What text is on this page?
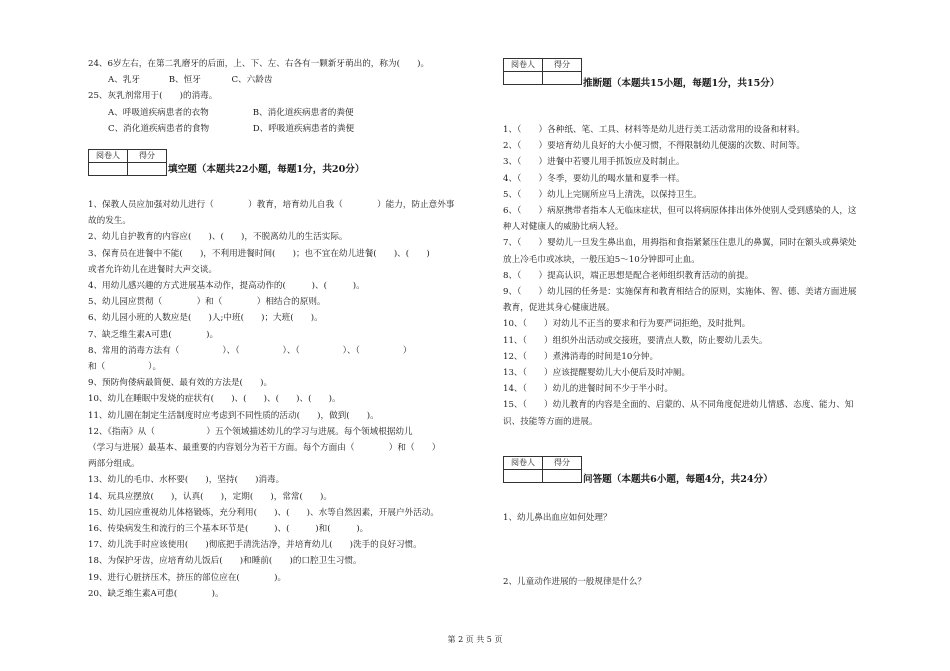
24、6岁左右，在第二乳磨牙的后面，上、下、左、右各有一颗新牙萌出的，称为(　　)。
A、乳牙	B、恒牙	C、六龄齿
25、灰乳剂常用于(　　)的消毒。
A、呼吸道疾病患者的衣物	B、消化道疾病患者的粪便
C、消化道疾病患者的食物	D、呼吸道疾病患者的粪便
阅卷人	得分

填空题（本题共22小题，每题1分，共20分）
1、保教人员应加强对幼儿进行（　　　　）教育，培育幼儿自我（　　　　）能力，防止意外事
故的发生。
2、幼儿自护教育的内容应(　　)、(　　)，不脱离幼儿的生活实际。
3、保育员在进餐中不能(　　)，不利用进餐时间(　　)；也不宜在幼儿进餐(　　)、(　　)
或者允许幼儿在进餐时大声交谈。
4、用幼儿感兴趣的方式进展基本动作，提高动作的(　　　)、(　　　)。
5、幼儿园应贯彻（　　　　）和（　　　　）相结合的原则。
6、幼儿园小班的人数应是(　　)人;中班(　　)；大班(　　)。
7、缺乏维生素A可患(　　　　)。
8、常用的消毒方法有（　　　　　）、（　　　　　）、（　　　　　）、（　　　　　）
和（　　　　　）。
9、预防佝偻病最简便、最有效的方法是(　　)。
10、幼儿在睡眠中发烧的症状有(　　)、(　　)、(　　)、(　　)。
11、幼儿園在制定生活制度时应考虑到不同性质的活动(　　)，做到(　　)。
12、《指南》从（　　　　　　）五个领域描述幼儿的学习与进展。每个领域根据幼儿
（学习与进展）最基本、最重要的内容划分为若干方面。每个方面由（　　　　）和（　　）
两部分组成。
13、幼儿的毛巾、水杯要(　　)，坚持(　　)消毒。
14、玩具应摆放(　　)，认真(　　)，定期(　　)，常常(　　)。
15、幼儿园应重视幼儿体格锻炼，充分利用(　　)、(　　)、水等自然因素，开展户外活动。
16、传染病发生和流行的三个基本环节是(　　　)、(　　　)和(　　　)。
17、幼儿洗手时应该使用(　　)彻底把手清洗洁净，并培育幼儿(　　)洗手的良好习惯。
18、为保护牙齿，应培育幼儿饭后(　　)和睡前(　　)的口腔卫生习惯。
19、进行心脏挤压术，挤压的部位应在(　　　　)。
20、缺乏维生素A可患(　　　　)。
阅卷人	得分

推断题（本题共15小题，每题1分，共15分）
1、（　　）各种纸、笔、工具、材料等是幼儿进行美工活动常用的设备和材料。
2、（　　）要培育幼儿良好的大小便习惯，不得限制幼儿便溺的次数、时间等。
3、（　　）进餐中若婴儿用手抓饭应及时制止。
4、（　　）冬季，要幼儿的喝水量和夏季一样。
5、（　　）幼儿上完厕所应马上清洗，以保持卫生。
6、（　　）病原携带者指本人无临床症状，但可以将病原体排出体外使别人受到感染的人，这
种人对健康人的威胁比病人轻。
7、（　　）婴幼儿一旦发生鼻出血，用拇指和食指紧紧压住患儿的鼻翼，同时在额头或鼻梁处
放上冷毛巾或冰块，一般压迫5～10分钟即可止血。
8、（　　）提高认识，端正思想是配合老师组织教育活动的前提。
9、（　　）幼儿园的任务是：实施保育和教育相结合的原则，实施体、智、德、美诸方面进展
教育，促进其身心健康进展。
10、（　　）对幼儿不正当的要求和行为要严词拒绝，及时批判。
11、（　　）组织外出活动或交接班，要清点人数，防止婴幼儿丢失。
12、（　　）煮沸消毒的时间是10分钟。
13、（　　）应该提醒婴幼儿大小便后及时冲厕。
14、（　　）幼儿的进餐时间不少于半小时。
15、（　　）幼儿教育的内容是全面的、启蒙的、从不同角度促进幼儿情感、态度、能力、知
识、技能等方面的进展。
阅卷人	得分

问答题（本题共6小题，每题4分，共24分）
1、幼儿鼻出血应如何处理？
2、儿童动作进展的一般规律是什么？
第 2 页 共 5 页
